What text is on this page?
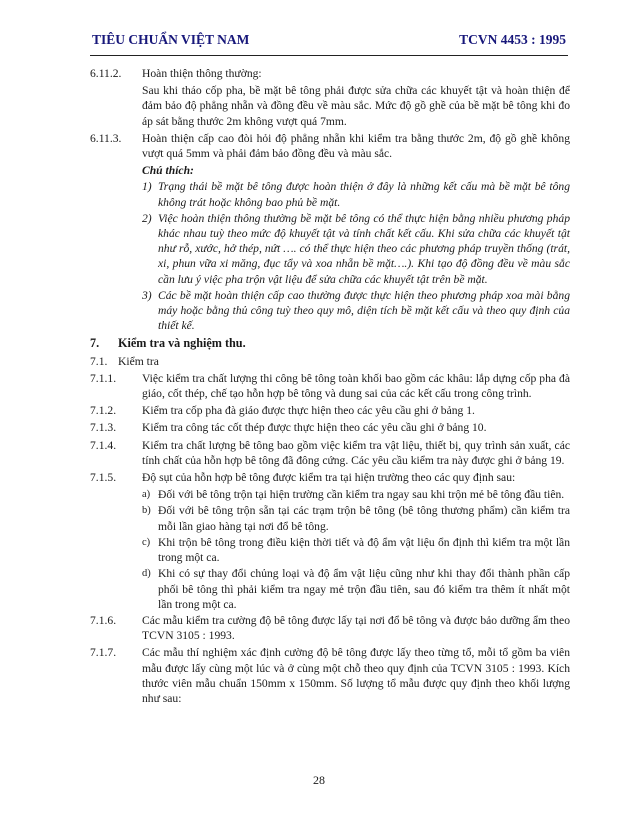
TIÊU CHUẨN VIỆT NAM	TCVN 4453 : 1995
6.11.2.	Hoàn thiện thông thường:
Sau khi tháo cốp pha, bề mặt bê tông phải được sửa chữa các khuyết tật và hoàn thiện để đảm bảo độ phẳng nhẵn và đồng đều về màu sắc. Mức độ gồ ghề của bề mặt bê tông khi đo áp sát bằng thước 2m không vượt quá 7mm.
6.11.3.	Hoàn thiện cấp cao đòi hỏi độ phẳng nhẵn khi kiểm tra bằng thước 2m, độ gồ ghề không vượt quá 5mm và phải đảm bảo đồng đều và màu sắc.
Chú thích:
1) Trạng thái bề mặt bê tông được hoàn thiện ở đây là những kết cấu mà bề mặt bê tông không trát hoặc không bao phủ bề mặt.
2) Việc hoàn thiện thông thường bề mặt bê tông có thể thực hiện bằng nhiều phương pháp khác nhau tuỳ theo mức độ khuyết tật và tính chất kết cấu. Khi sửa chữa các khuyết tật như rỗ, xước, hở thép, nứt …. có thể thực hiện theo các phương pháp truyền thống (trát, xi, phun vữa xi măng, đục tẩy và xoa nhẵn bề mặt….). Khi tạo độ đồng đều về màu sắc cần lưu ý việc pha trộn vật liệu để sửa chữa các khuyết tật trên bề mặt.
3) Các bề mặt hoàn thiện cấp cao thường được thực hiện theo phương pháp xoa mài bằng máy hoặc bằng thủ công tuỳ theo quy mô, diện tích bề mặt kết cấu và theo quy định của thiết kế.
7. Kiểm tra và nghiệm thu.
7.1. Kiểm tra
7.1.1.	Việc kiểm tra chất lượng thi công bê tông toàn khối bao gồm các khâu: lắp dựng cốp pha đà giáo, cốt thép, chế tạo hỗn hợp bê tông và dung sai của các kết cấu trong công trình.
7.1.2.	Kiểm tra cốp pha đà giáo được thực hiện theo các yêu cầu ghi ở bảng 1.
7.1.3.	Kiểm tra công tác cốt thép được thực hiện theo các yêu cầu ghi ở bảng 10.
7.1.4.	Kiểm tra chất lượng bê tông bao gồm việc kiểm tra vật liệu, thiết bị, quy trình sản xuất, các tính chất của hỗn hợp bê tông đã đông cứng. Các yêu cầu kiểm tra này được ghi ở bảng 19.
7.1.5.	Độ sụt của hỗn hợp bê tông được kiểm tra tại hiện trường theo các quy định sau:
a) Đối với bê tông trộn tại hiện trường cần kiểm tra ngay sau khi trộn mẻ bê tông đầu tiên.
b) Đối với bê tông trộn sẵn tại các trạm trộn bê tông (bê tông thương phẩm) cần kiểm tra mỗi lần giao hàng tại nơi đổ bê tông.
c) Khi trộn bê tông trong điều kiện thời tiết và độ ẩm vật liệu ổn định thì kiểm tra một lần trong một ca.
d) Khi có sự thay đổi chủng loại và độ ẩm vật liệu cũng như khi thay đổi thành phần cấp phối bê tông thì phải kiểm tra ngay mẻ trộn đầu tiên, sau đó kiểm tra thêm ít nhất một lần trong một ca.
7.1.6.	Các mẫu kiểm tra cường độ bê tông được lấy tại nơi đổ bê tông và được bảo dưỡng ẩm theo TCVN 3105 : 1993.
7.1.7.	Các mẫu thí nghiệm xác định cường độ bê tông được lấy theo từng tổ, mỗi tổ gồm ba viên mẫu được lấy cùng một lúc và ở cùng một chỗ theo quy định của TCVN 3105 : 1993. Kích thước viên mẫu chuẩn 150mm x 150mm. Số lượng tổ mẫu được quy định theo khối lượng như sau:
28
